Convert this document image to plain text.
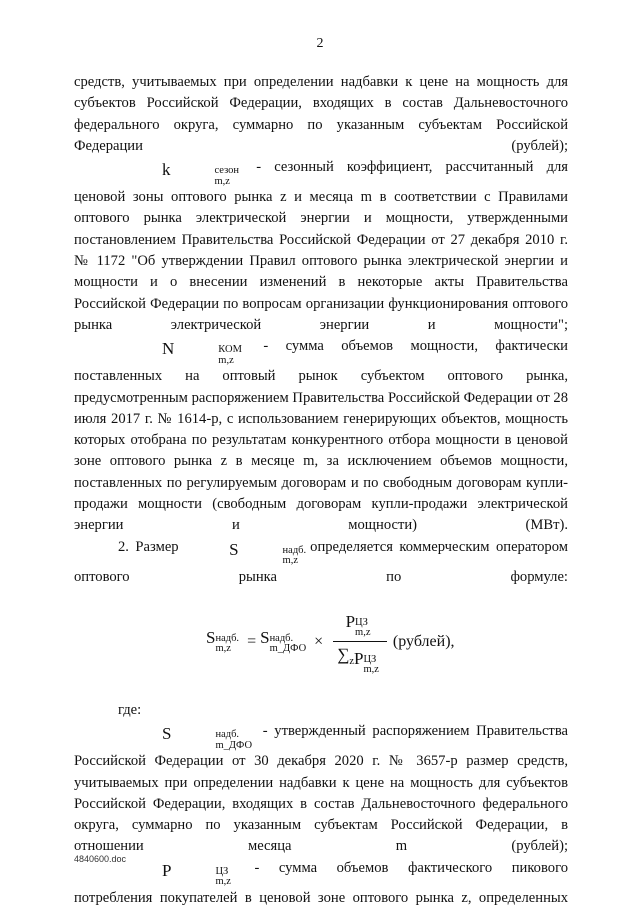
2

средств, учитываемых при определении надбавки к цене на мощность для субъектов Российской Федерации, входящих в состав Дальневосточного федерального округа, суммарно по указанным субъектам Российской Федерации (рублей);

k	сезон
m,z
- сезонный коэффициент, рассчитанный для ценовой зоны оптового рынка z и месяца m в соответствии с Правилами оптового рынка электрической энергии и мощности, утвержденными постановлением Правительства Российской Федерации от 27 декабря 2010 г. № 1172 "Об утверждении Правил оптового рынка электрической энергии и мощности и о внесении изменений в некоторые акты Правительства Российской Федерации по вопросам организации функционирования оптового рынка электрической энергии и мощности";

N	КОМ
m,z
- сумма объемов мощности, фактически поставленных на оптовый рынок субъектом оптового рынка, предусмотренным распоряжением Правительства Российской Федерации от 28 июля 2017 г. № 1614-р, с использованием генерирующих объектов, мощность которых отобрана по результатам конкурентного отбора мощности в ценовой зоне оптового рынка z в месяце m, за исключением объемов мощности, поставленных по регулируемым договорам и по свободным договорам купли-продажи мощности (свободным договорам купли-продажи электрической энергии и мощности) (МВт).

2. Размер	S	надб.
m,z
определяется коммерческим оператором оптового рынка по формуле:

S надб.
m,z	= S надб.
m_ДФО × P ЦЗ
m,z
$\sum_zP$ ЦЗ
m,z (рублей),

где:

S	надб.
m_ДФО
- утвержденный распоряжением Правительства Российской Федерации от 30 декабря 2020 г. № 3657-р размер средств, учитываемых при определении надбавки к цене на мощность для субъектов Российской Федерации, входящих в состав Дальневосточного федерального округа, суммарно по указанным субъектам Российской Федерации, в отношении месяца m (рублей);

P	ЦЗ
m,z
- сумма объемов фактического пикового потребления покупателей в ценовой зоне оптового рынка z, определенных

4840600.doc
